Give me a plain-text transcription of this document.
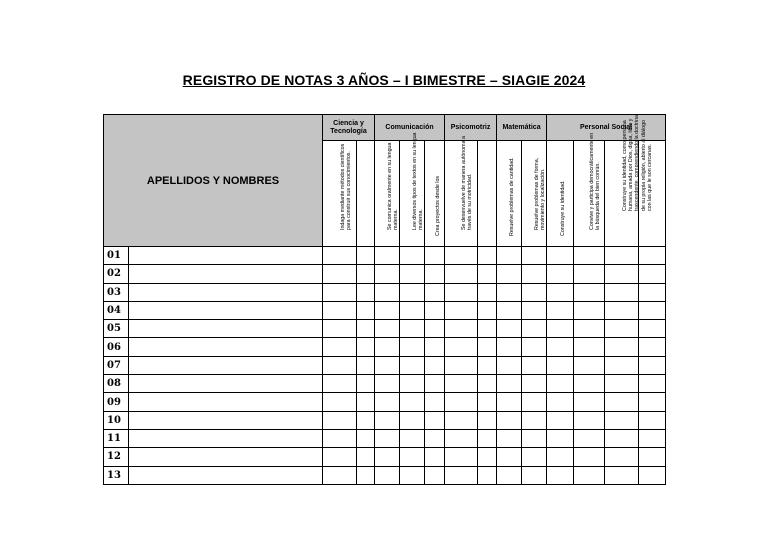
REGISTRO DE NOTAS 3 AÑOS – I BIMESTRE – SIAGIE 2024
APELLIDOS Y NOMBRES		Ciencia y Tecnología		Comunicación			Psicomotriz		Matemática		Personal Social			

		Indaga mediante métodos científicos para construir sus conocimientos.		Se comunica oralmente en su lengua materna.	Lee diversos tipos de textos en su lengua materna.	Crea proyectos desde los	Se desenvuelve de manera autónoma a través de su motricidad.		Resuelve problemas de cantidad.	Resuelve problemas de forma, movimiento y localización.	Construye su identidad.	Convive y participa democráticamente en la búsqueda del bien común.	Construye su identidad, como persona humana, amada por Dios, digna, libre y trascendente, comprendiendo la doctrina de su propia religión, abierto al diálogo con las que le son cercanas.	

01														
02														
03														
04														
05														
06														
07														
08														
09														
10														
11														
12														
13														
